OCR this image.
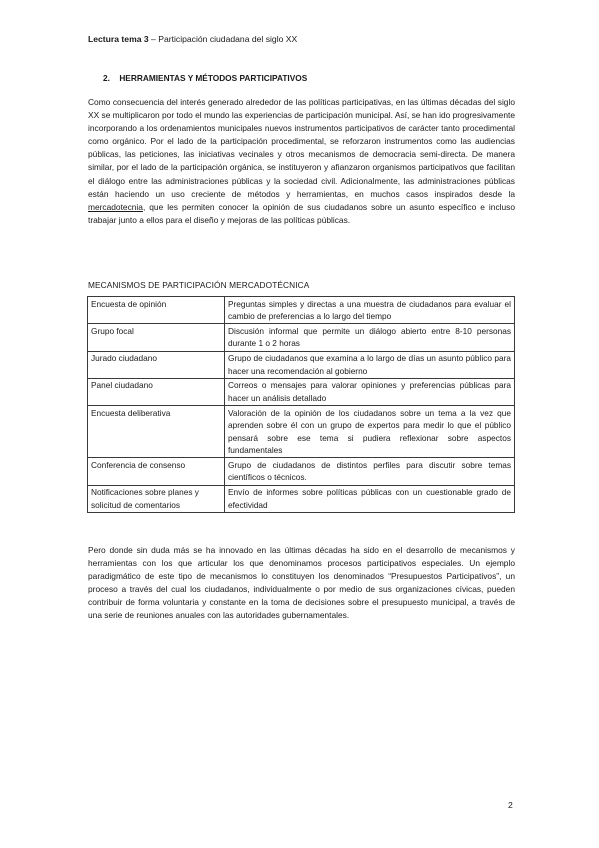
Lectura tema 3 – Participación ciudadana del siglo XX
2. HERRAMIENTAS Y MÉTODOS PARTICIPATIVOS

Como consecuencia del interés generado alrededor de las políticas participativas, en las últimas décadas del siglo XX se multiplicaron por todo el mundo las experiencias de participación municipal. Así, se han ido progresivamente incorporando a los ordenamientos municipales nuevos instrumentos participativos de carácter tanto procedimental como orgánico. Por el lado de la participación procedimental, se reforzaron instrumentos como las audiencias públicas, las peticiones, las iniciativas vecinales y otros mecanismos de democracia semi-directa. De manera similar, por el lado de la participación orgánica, se instituyeron y afianzaron organismos participativos que facilitan el diálogo entre las administraciones públicas y la sociedad civil. Adicionalmente, las administraciones públicas están haciendo un uso creciente de métodos y herramientas, en muchos casos inspirados desde la mercadotecnia, que les permiten conocer la opinión de sus ciudadanos sobre un asunto específico e incluso trabajar junto a ellos para el diseño y mejoras de las políticas públicas.

MECANISMOS DE PARTICIPACIÓN MERCADOTÉCNICA
Encuesta de opinión	Preguntas simples y directas a una muestra de ciudadanos para evaluar el cambio de preferencias a lo largo del tiempo
Grupo focal	Discusión informal que permite un diálogo abierto entre 8-10 personas durante 1 o 2 horas
Jurado ciudadano	Grupo de ciudadanos que examina a lo largo de días un asunto público para hacer una recomendación al gobierno
Panel ciudadano	Correos o mensajes para valorar opiniones y preferencias públicas para hacer un análisis detallado
Encuesta deliberativa	Valoración de la opinión de los ciudadanos sobre un tema a la vez que aprenden sobre él con un grupo de expertos para medir lo que el público pensará sobre ese tema si pudiera reflexionar sobre aspectos fundamentales
Conferencia de consenso	Grupo de ciudadanos de distintos perfiles para discutir sobre temas científicos o técnicos.
Notificaciones sobre planes y solicitud de comentarios	Envío de informes sobre políticas públicas con un cuestionable grado de efectividad

Pero donde sin duda más se ha innovado en las últimas décadas ha sido en el desarrollo de mecanismos y herramientas con los que articular los que denominamos procesos participativos especiales. Un ejemplo paradigmático de este tipo de mecanismos lo constituyen los denominados “Presupuestos Participativos”, un proceso a través del cual los ciudadanos, individualmente o por medio de sus organizaciones cívicas, pueden contribuir de forma voluntaria y constante en la toma de decisiones sobre el presupuesto municipal, a través de una serie de reuniones anuales con las autoridades gubernamentales.

2
